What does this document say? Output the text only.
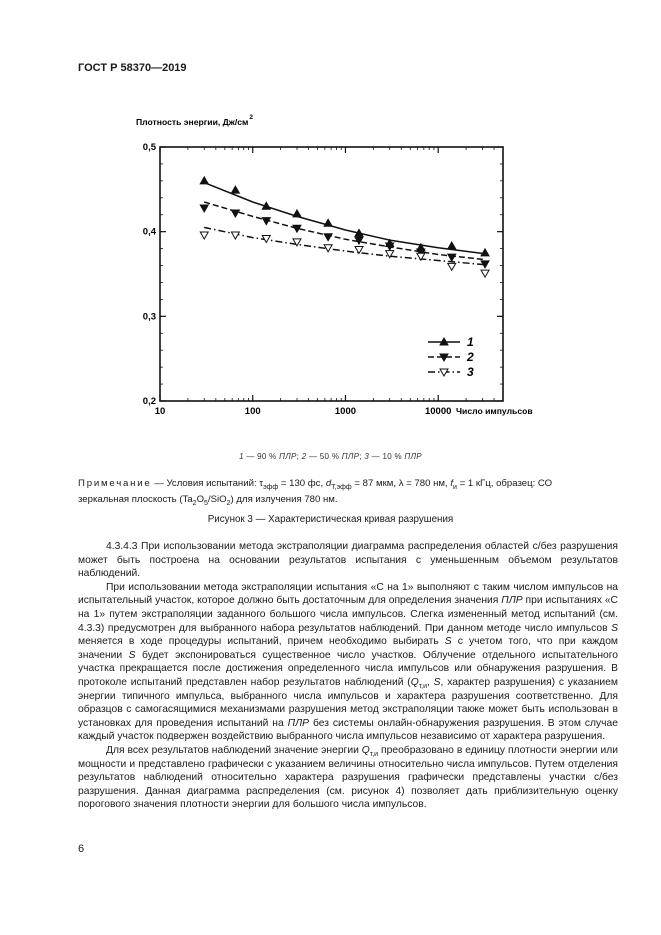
ГОСТ Р 58370—2019
1
2
3
10	100	1000	10000
0,2
0,3
0,4
0,5
Плотность энергии, Дж/см 2
Число импульсов
1 — 90 % ПЛР; 2 — 50 % ПЛР; 3 — 10 % ПЛР
Примечание — Условия испытаний: $\tau_{эфф} = 130$ фс, $d_{Т,эфф} = 87$ мкм, λ = 780 нм, $f_и = 1$ кГц, образец: СО
зеркальная плоскость $(Ta_2O_5/SiO_2)$ для излучения 780 нм.
Рисунок 3 — Характеристическая кривая разрушения

4.3.4.3 При использовании метода экстраполяции диаграмма распределения областей с/без разрушения может быть построена на основании результатов испытания с уменьшенным объемом результатов наблюдений.

При использовании метода экстраполяции испытания «С на 1» выполняют с таким числом импульсов на испытательный участок, которое должно быть достаточным для определения значения ПЛР при испытаниях «С на 1» путем экстраполяции заданного большого числа импульсов. Слегка измененный метод испытаний (см. 4.3.3) предусмотрен для выбранного набора результатов наблюдений. При данном методе число импульсов S меняется в ходе процедуры испытаний, причем необходимо выбирать S с учетом того, что при каждом значении S будет экспонироваться существенное число участков. Облучение отдельного испытательного участка прекращается после достижения определенного числа импульсов или обнаружения разрушения. В протоколе испытаний представлен набор результатов наблюдений ($Q_{т,и}$, S, характер разрушения) с указанием энергии типичного импульса, выбранного числа импульсов и характера разрушения соответственно. Для образцов с самогасящимися механизмами разрушения метод экстраполяции также может быть использован в установках для проведения испытаний на ПЛР без системы онлайн-обнаружения разрушения. В этом случае каждый участок подвержен воздействию выбранного числа импульсов независимо от характера разрушения.

Для всех результатов наблюдений значение энергии $Q_{т,и}$ преобразовано в единицу плотности энергии или мощности и представлено графически с указанием величины относительно числа импульсов. Путем отделения результатов наблюдений относительно характера разрушения графически представлены участки с/без разрушения. Данная диаграмма распределения (см. рисунок 4) позволяет дать приблизительную оценку порогового значения плотности энергии для большого числа импульсов.

6
